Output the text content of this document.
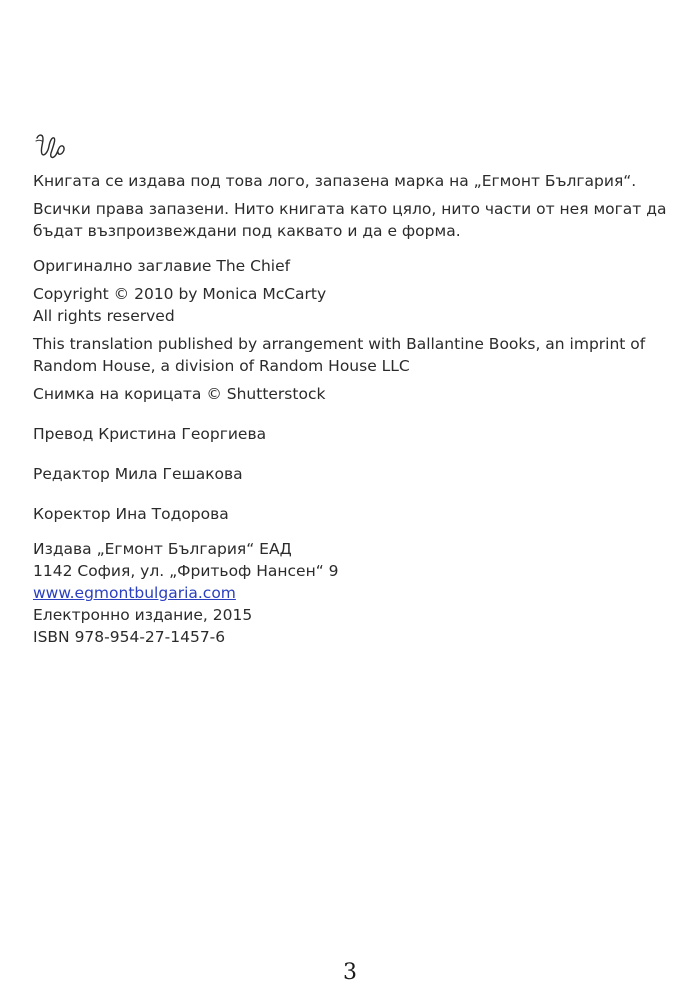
Книгата се издава под това лого, запазена марка на „Егмонт България“.

Всички права запазени. Нито книгата като цяло, нито части от нея могат да бъдат възпроизвеждани под каквато и да е форма.

Оригинално заглавие The Chief

Copyright © 2010 by Monica McCarty

All rights reserved

This translation published by arrangement with Ballantine Books, an imprint of Random House, a division of Random House LLC

Снимка на корицата © Shutterstock

Превод Кристина Георгиева

Редактор Мила Гешакова

Коректор Ина Тодорова

Издава „Егмонт България“ ЕАД

1142 София, ул. „Фритьоф Нансен“ 9

www.egmontbulgaria.com

Електронно издание, 2015

ISBN 978-954-27-1457-6

3
